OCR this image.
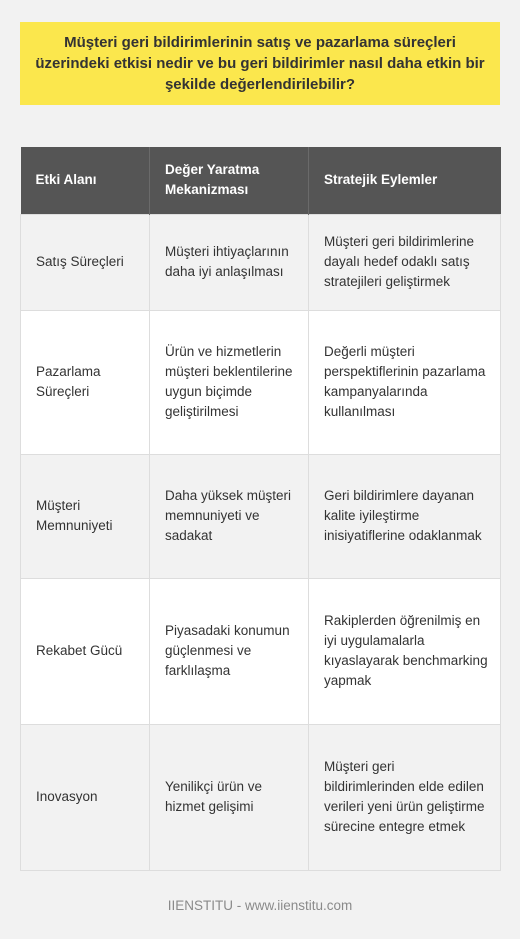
Müşteri geri bildirimlerinin satış ve pazarlama süreçleri üzerindeki etkisi nedir ve bu geri bildirimler nasıl daha etkin bir şekilde değerlendirilebilir?
Etki Alanı	Değer Yaratma Mekanizması	Stratejik Eylemler
Satış Süreçleri	Müşteri ihtiyaçlarının daha iyi anlaşılması	Müşteri geri bildirimlerine dayalı hedef odaklı satış stratejileri geliştirmek
Pazarlama Süreçleri	Ürün ve hizmetlerin müşteri beklentilerine uygun biçimde geliştirilmesi	Değerli müşteri perspektiflerinin pazarlama kampanyalarında kullanılması
Müşteri Memnuniyeti	Daha yüksek müşteri memnuniyeti ve sadakat	Geri bildirimlere dayanan kalite iyileştirme inisiyatiflerine odaklanmak
Rekabet Gücü	Piyasadaki konumun güçlenmesi ve farklılaşma	Rakiplerden öğrenilmiş en iyi uygulamalarla kıyaslayarak benchmarking yapmak
Inovasyon	Yenilikçi ürün ve hizmet gelişimi	Müşteri geri bildirimlerinden elde edilen verileri yeni ürün geliştirme sürecine entegre etmek
IIENSTITU - www.iienstitu.com
